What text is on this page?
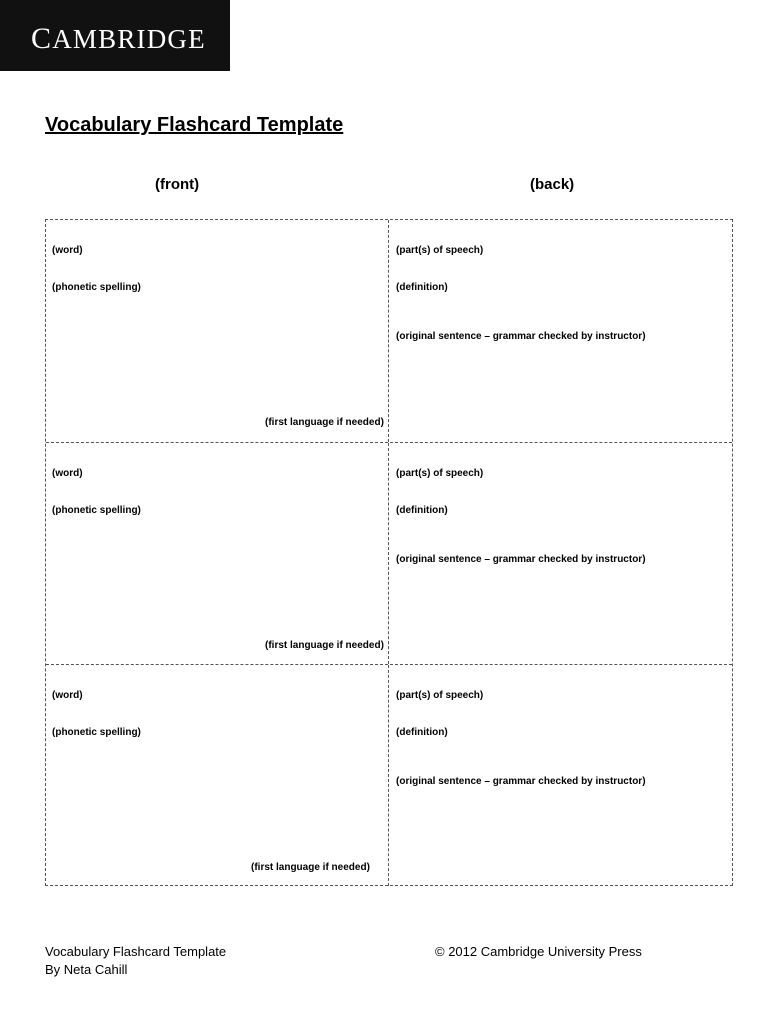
CAMBRIDGE
Vocabulary Flashcard Template
(front)	(back)
(word)
(phonetic spelling)
(first language if needed)
(part(s) of speech)
(definition)
(original sentence – grammar checked by instructor)
(word)
(phonetic spelling)
(first language if needed)
(part(s) of speech)
(definition)
(original sentence – grammar checked by instructor)
(word)
(phonetic spelling)
(first language if needed)
(part(s) of speech)
(definition)
(original sentence – grammar checked by instructor)
Vocabulary Flashcard Template
By Neta Cahill
© 2012 Cambridge University Press
